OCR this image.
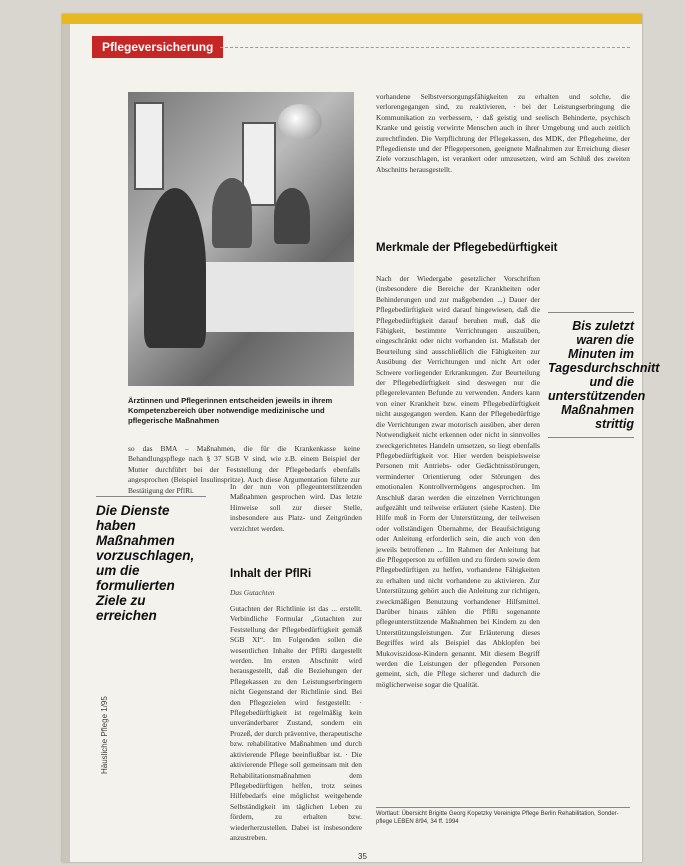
Pflegeversicherung
Ärztinnen und Pflegerinnen entscheiden jeweils in ihrem Kompetenzbereich über notwendige medizinische und pflegerische Maßnahmen
vorhandene Selbstversorgungsfähigkeiten zu erhalten und solche, die verlorengegangen sind, zu reaktivieren, · bei der Leistungserbringung die Kommunikation zu verbessern, · daß geistig und seelisch Behinderte, psychisch Kranke und geistig verwirrte Menschen auch in ihrer Umgebung und auch zeitlich zurechtfinden. Die Verpflichtung der Pflegekassen, des MDK, der Pflegeheime, der Pflegedienste und der Pflegepersonen, geeignete Maßnahmen zur Erreichung dieser Ziele vorzuschlagen, ist verankert oder umzusetzen, wird am Schluß des zweiten Abschnitts herausgestellt.
Merkmale der Pflegebedürftigkeit
Nach der Wiedergabe gesetzlicher Vorschriften (insbesondere die Bereiche der Krankheiten oder Behinderungen und zur maßgebenden ...) Dauer der Pflegebedürftigkeit wird darauf hingewiesen, daß die Pflegebedürftigkeit darauf beruhen muß, daß die Fähigkeit, bestimmte Verrichtungen auszuüben, eingeschränkt oder nicht vorhanden ist. Maßstab der Beurteilung sind ausschließlich die Fähigkeiten zur Ausübung der Verrichtungen und nicht Art oder Schwere vorliegender Erkrankungen. Zur Beurteilung der Pflegebedürftigkeit sind deswegen nur die pflegerelevanten Befunde zu verwenden. Anders kann von einer Krankheit bzw. einem Pflegebedürftigkeit nicht ausgegangen werden. Kann der Pflegebedürftige die Verrichtungen zwar motorisch ausüben, aber deren Notwendigkeit nicht erkennen oder nicht in sinnvolles zweckgerichtetes Handeln umsetzen, so liegt ebenfalls Pflegebedürftigkeit vor. Hier werden beispielsweise Personen mit Antriebs- oder Gedächtnisstörungen, verminderter Orientierung oder Störungen des emotionalen Kontrollvermögens angesprochen. Im Anschluß daran werden die einzelnen Verrichtungen aufgezählt und teilweise erläutert (siehe Kasten). Die Hilfe muß in Form der Unterstützung, der teilweisen oder vollständigen Übernahme, der Beaufsichtigung oder Anleitung erforderlich sein, die auch von den jeweils betroffenen ... Im Rahmen der Anleitung hat die Pflegeperson zu erfüllen und zu fördern sowie dem Pflegebedürftigen zu helfen, vorhandene Fähigkeiten zu erhalten und nicht vorhandene zu aktivieren. Zur Unterstützung gehört auch die Anleitung zur richtigen, zweckmäßigen Benutzung vorhandener Hilfsmittel. Darüber hinaus zählen die PflRi sogenannte pflegeunterstützende Maßnahmen bei Kindern zu den Unterstützungsleistungen. Zur Erläuterung dieses Begriffes wird als Beispiel das Abklopfen bei Mukoviszidose-Kindern genannt. Mit diesem Begriff werden die Leistungen der pflegenden Personen gemeint, sich, die Pflege sicherer und dadurch die möglicherweise sogar die Qualität.
Bis zuletzt waren die Minuten im Tagesdurchschnitt und die unterstützenden Maßnahmen strittig
so das BMA – Maßnahmen, die für die Krankenkasse keine Behandlungspflege nach § 37 SGB V sind, wie z.B. einem Beispiel der Mutter durchführt bei der Feststellung der Pflegebedarfs ebenfalls angesprochen (Beispiel Insulinspritze). Auch diese Argumentation führte zur Bestätigung der PflRi.	In der nun von pflegeunterstützenden Maßnahmen gesprochen wird. Das letzte Hinweise soll zur dieser Stelle, insbesondere aus Platz- und Zeitgründen verzichtet werden.
Die Dienste haben Maßnahmen vorzuschlagen, um die formulierten Ziele zu erreichen
Inhalt der PflRi
Das Gutachten
Gutachten der Richtlinie ist das ... erstellt. Verbindliche Formular „Gutachten zur Feststellung der Pflegebedürftigkeit gemäß SGB XI“. Im Folgenden sollen die wesentlichen Inhalte der PflRi dargestellt werden. Im ersten Abschnitt wird herausgestellt, daß die Beziehungen der Pflegekassen zu den Leistungserbringern nicht Gegenstand der Richtlinie sind. Bei den Pflegezielen wird festgestellt: · Pflegebedürftigkeit ist regelmäßig kein unveränderbarer Zustand, sondern ein Prozeß, der durch präventive, therapeutische bzw. rehabilitative Maßnahmen und durch aktivierende Pflege beeinflußbar ist. · Die aktivierende Pflege soll gemeinsam mit den Rehabilitationsmaßnahmen dem Pflegebedürftigen helfen, trotz seines Hilfebedarfs eine möglichst weitgehende Selbständigkeit im täglichen Leben zu fördern, zu erhalten bzw. wiederherzustellen. Dabei ist insbesondere anzustreben.
Häusliche Pflege 1/95
Wortlaut: Übersicht Brigitte Georg Kopetzky Vereinigte Pflege Berlin Rehabilitation, Sonder-pflege LEBEN 8/94, 34 ff. 1994
35
